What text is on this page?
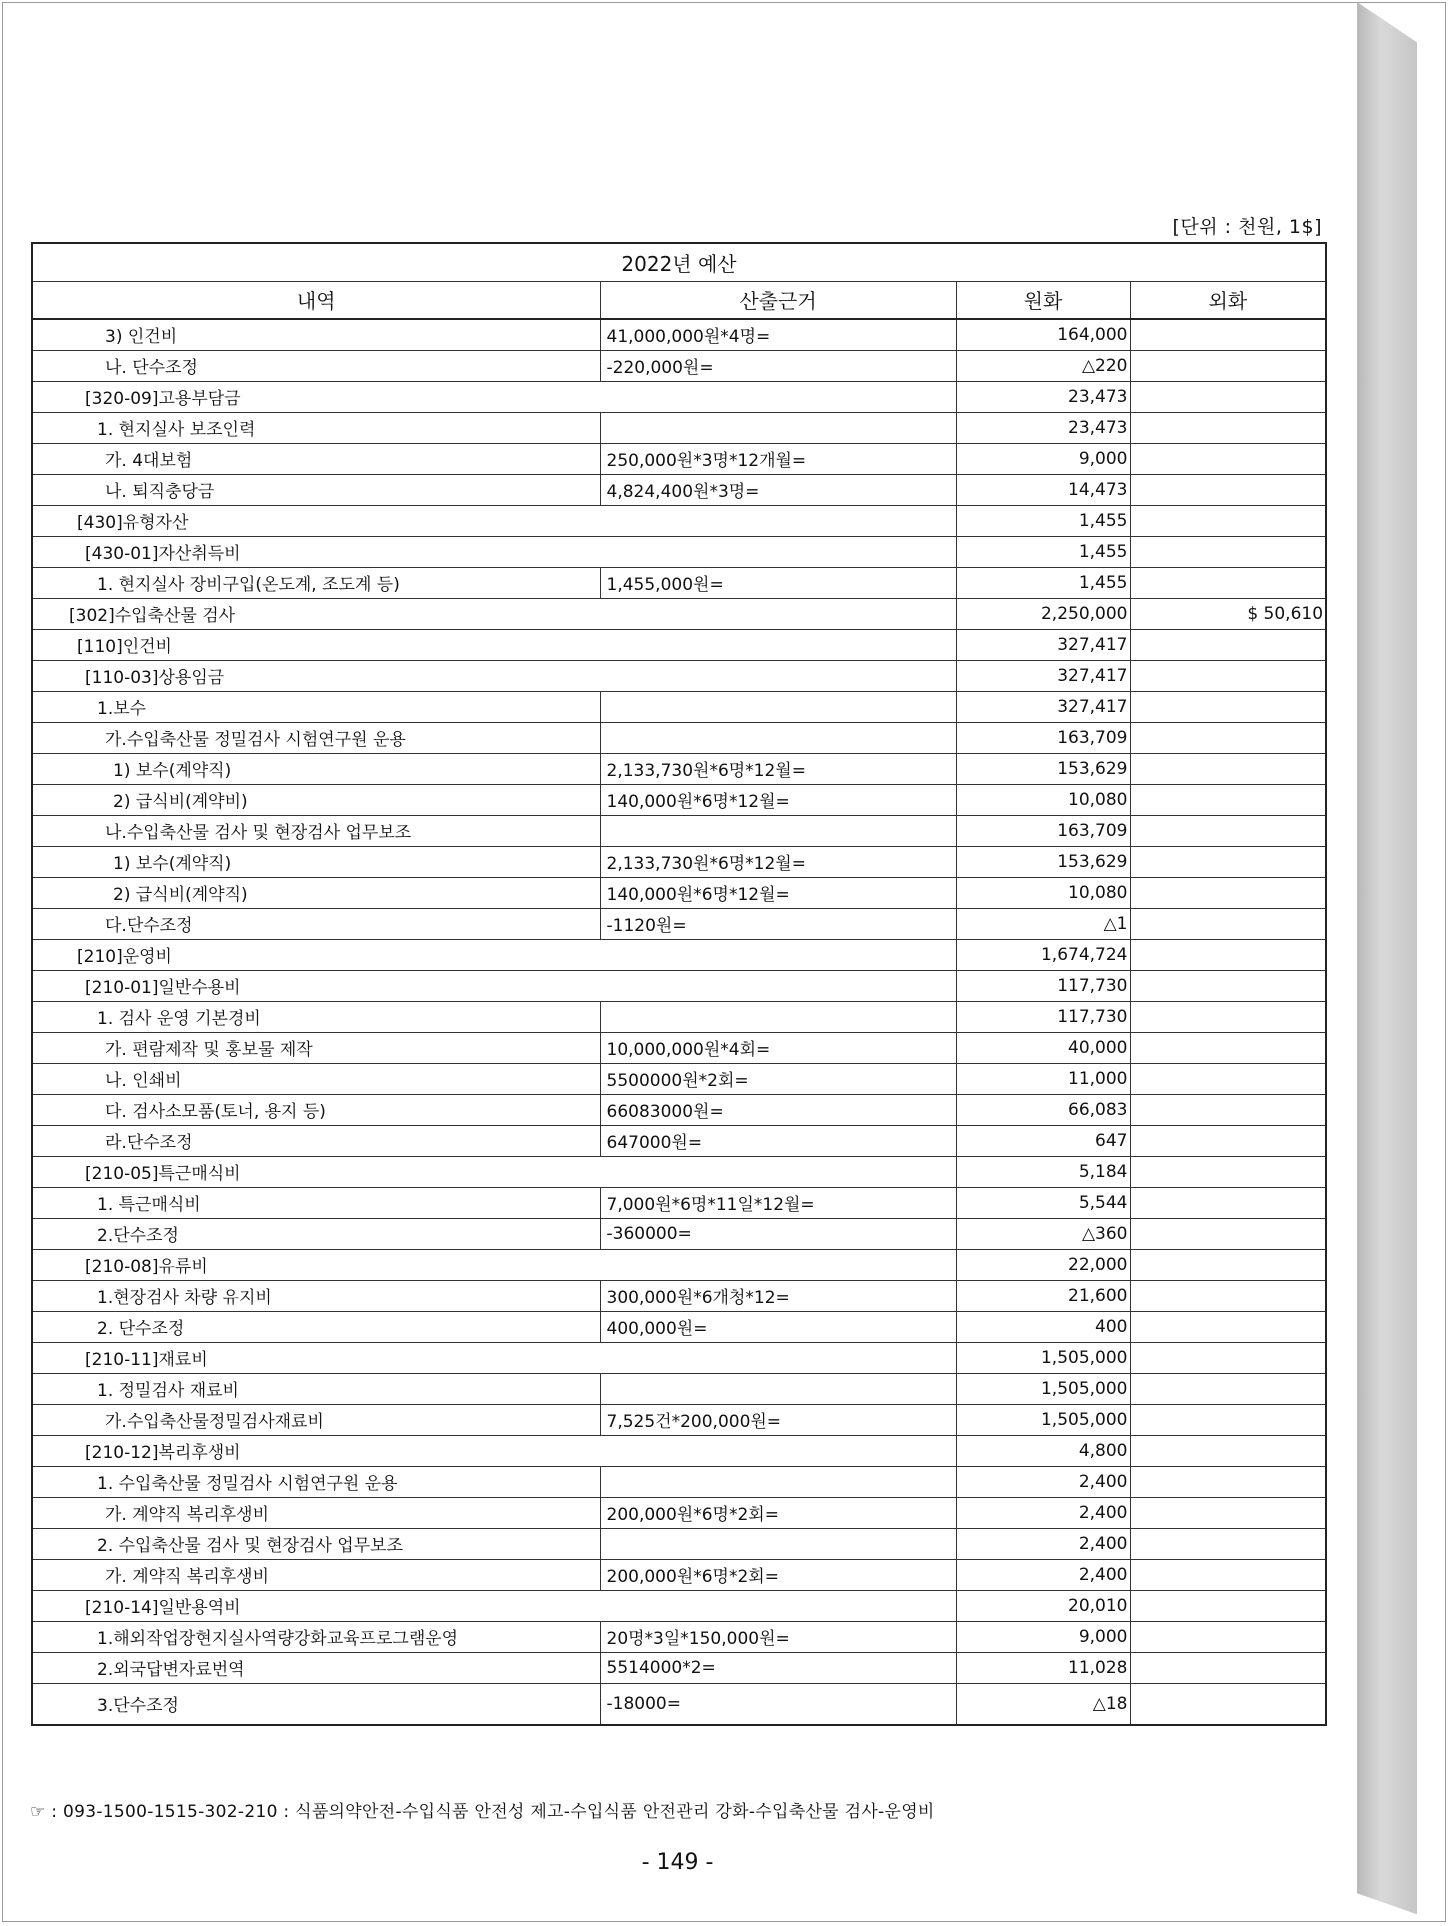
[단위 : 천원, 1$]
2022년 예산			
내역	산출근거	원화	외화
3) 인건비	41,000,000원*4명=	164,000	
나. 단수조정	-220,000원=	△220	
[320-09]고용부담금		23,473	
1. 현지실사 보조인력		23,473	
가. 4대보험	250,000원*3명*12개월=	9,000	
나. 퇴직충당금	4,824,400원*3명=	14,473	
[430]유형자산		1,455	
[430-01]자산취득비		1,455	
1. 현지실사 장비구입(온도계, 조도계 등)	1,455,000원=	1,455	
[302]수입축산물 검사		2,250,000	$ 50,610
[110]인건비		327,417	
[110-03]상용임금		327,417	
1.보수		327,417	
가.수입축산물 정밀검사 시험연구원 운용		163,709	
1) 보수(계약직)	2,133,730원*6명*12월=	153,629	
2) 급식비(계약비)	140,000원*6명*12월=	10,080	
나.수입축산물 검사 및 현장검사 업무보조		163,709	
1) 보수(계약직)	2,133,730원*6명*12월=	153,629	
2) 급식비(계약직)	140,000원*6명*12월=	10,080	
다.단수조정	-1120원=	△1	
[210]운영비		1,674,724	
[210-01]일반수용비		117,730	
1. 검사 운영 기본경비		117,730	
가. 편람제작 및 홍보물 제작	10,000,000원*4회=	40,000	
나. 인쇄비	5500000원*2회=	11,000	
다. 검사소모품(토너, 용지 등)	66083000원=	66,083	
라.단수조정	647000원=	647	
[210-05]특근매식비		5,184	
1. 특근매식비	7,000원*6명*11일*12월=	5,544	
2.단수조정	-360000=	△360	
[210-08]유류비		22,000	
1.현장검사 차량 유지비	300,000원*6개청*12=	21,600	
2. 단수조정	400,000원=	400	
[210-11]재료비		1,505,000	
1. 정밀검사 재료비		1,505,000	
가.수입축산물정밀검사재료비	7,525건*200,000원=	1,505,000	
[210-12]복리후생비		4,800	
1. 수입축산물 정밀검사 시험연구원 운용		2,400	
가. 계약직 복리후생비	200,000원*6명*2회=	2,400	
2. 수입축산물 검사 및 현장검사 업무보조		2,400	
가. 계약직 복리후생비	200,000원*6명*2회=	2,400	
[210-14]일반용역비		20,010	
1.해외작업장현지실사역량강화교육프로그램운영	20명*3일*150,000원=	9,000	
2.외국답변자료번역	5514000*2=	11,028	
3.단수조정	-18000=	△18	
☞ : 093-1500-1515-302-210 : 식품의약안전-수입식품 안전성 제고-수입식품 안전관리 강화-수입축산물 검사-운영비
- 149 -
